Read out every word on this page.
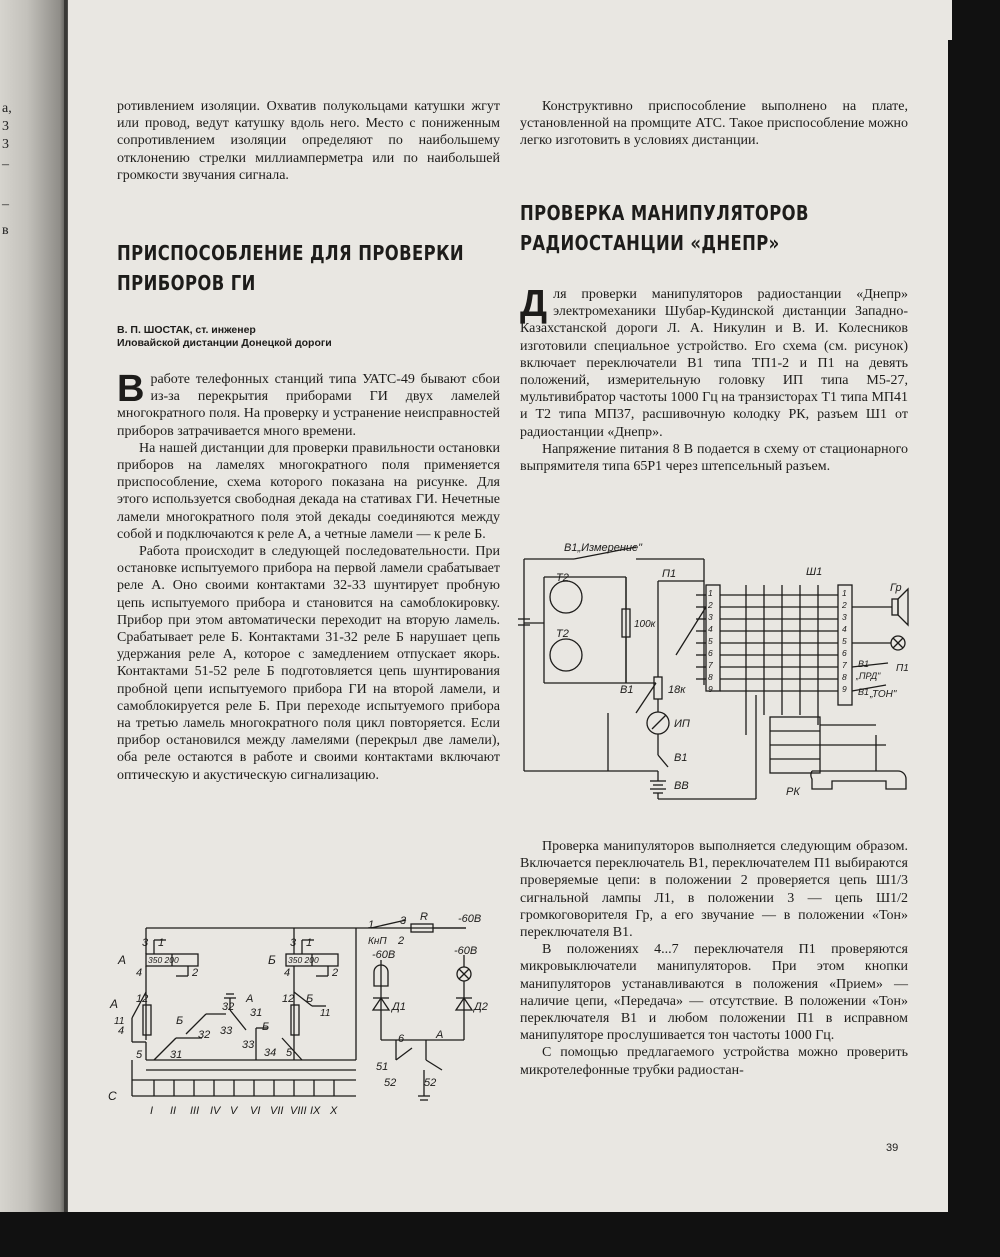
а,
3
3
–
–
в

ротивлением изоляции. Охватив полукольцами катушки жгут или провод, ведут катушку вдоль него. Место с пониженным сопротивлением изоляции определяют по наибольшему отклонению стрелки миллиамперметра или по наибольшей громкости звучания сигнала.

ПРИСПОСОБЛЕНИЕ ДЛЯ ПРОВЕРКИ
ПРИБОРОВ ГИ

В. П. ШОСТАК, ст. инженер
Иловайской дистанции Донецкой дороги

В работе телефонных станций типа УАТС-49 бывают сбои из-за перекрытия приборами ГИ двух ламелей многократного поля. На проверку и устранение неисправностей приборов затрачивается много времени.

На нашей дистанции для проверки правильности остановки приборов на ламелях многократного поля применяется приспособление, схема которого показана на рисунке. Для этого используется свободная декада на стативах ГИ. Нечетные ламели многократного поля этой декады соединяются между собой и подключаются к реле А, а четные ламели — к реле Б.

Работа происходит в следующей последовательности. При остановке испытуемого прибора на первой ламели срабатывает реле А. Оно своими контактами 32-33 шунтирует пробную цепь испытуемого прибора и становится на самоблокировку. Прибор при этом автоматически переходит на вторую ламель. Срабатывает реле Б. Контактами 31-32 реле Б нарушает цепь удержания реле А, которое с замедлением отпускает якорь. Контактами 51-52 реле Б подготовляется цепь шунтирования пробной цепи испытуемого прибора ГИ на второй ламели, и самоблокируется реле Б. При переходе испытуемого прибора на третью ламель многократного поля цикл повторяется. Если прибор остановился между ламелями (перекрыл две ламели), оба реле остаются в работе и своими контактами включают оптическую и акустическую сигнализацию.

3 1
А	350 200	350 200
4	2
3 1
Б
4	2
12
А
11
4
5	31
32
Б
32
А
31
33
33
Б
34
12 Б
11
5
С
1 3
КнП 2
R	-60В
-60В	-60В
Д1	Д2
6
51
52
А
52
I II III IV V VI VII VIII IX X

Конструктивно приспособление выполнено на плате, установленной на промщите АТС. Такое приспособление можно легко изготовить в условиях дистанции.

ПРОВЕРКА МАНИПУЛЯТОРОВ
РАДИОСТАНЦИИ «ДНЕПР»

Д ля проверки манипуляторов радиостанции «Днепр» электромеханики Шубар-Кудинской дистанции Западно-Казахстанской дороги Л. А. Никулин и В. И. Колесников изготовили специальное устройство. Его схема (см. рисунок) включает переключатели В1 типа ТП1-2 и П1 на девять положений, измерительную головку ИП типа М5-27, мультивибратор частоты 1000 Гц на транзисторах Т1 типа МП41 и Т2 типа МП37, расшивочную колодку РК, разъем Ш1 от радиостанции «Днепр».

Напряжение питания 8 В подается в схему от стационарного выпрямителя типа 65Р1 через штепсельный разъем.

В1„Измерение"
Т2
Т2
П1
100к
В1	18к
ИП
В1
ВВ
Ш1
Гр
РК
В1
„ПРД"
П1
В1 „ТОН"
1
2
3
4
5
6
7
8
9
1
2
3
4
5
6
7
8
9

Проверка манипуляторов выполняется следующим образом. Включается переключатель В1, переключателем П1 выбираются проверяемые цепи: в положении 2 проверяется цепь Ш1/3 сигнальной лампы Л1, в положении 3 — цепь Ш1/2 громкоговорителя Гр, а его звучание — в положении «Тон» переключателя В1.

В положениях 4...7 переключателя П1 проверяются микровыключатели манипуляторов. При этом кнопки манипуляторов устанавливаются в положения «Прием» — наличие цепи, «Передача» — отсутствие. В положении «Тон» переключателя В1 и любом положении П1 в исправном манипуляторе прослушивается тон частоты 1000 Гц.

С помощью предлагаемого устройства можно проверить микротелефонные трубки радиостан-

39
